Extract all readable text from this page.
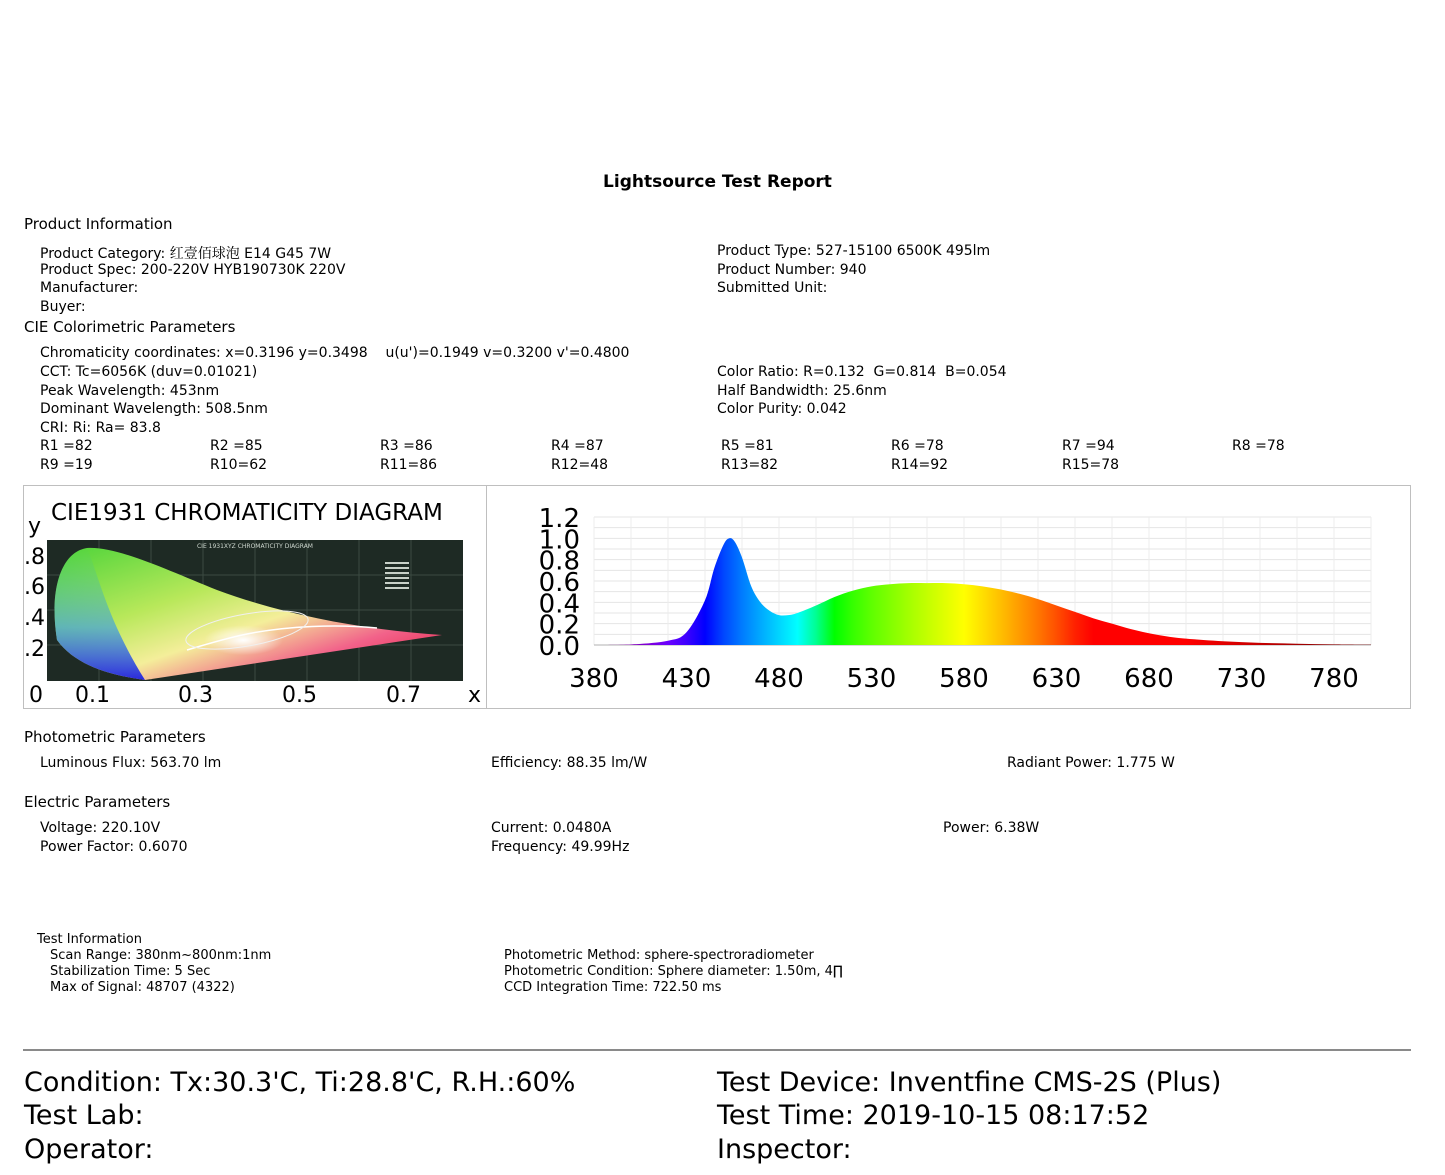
Lightsource Test Report
Product Information
Product Category: 红壹佰球泡 E14 G45 7W
Product Spec: 200-220V HYB190730K 220V
Manufacturer:
Buyer:
Product Type: 527-15100 6500K 495lm
Product Number: 940
Submitted Unit:
CIE Colorimetric Parameters
Chromaticity coordinates: x=0.3196 y=0.3498    u(u')=0.1949 v=0.3200 v'=0.4800
CCT: Tc=6056K (duv=0.01021)
Peak Wavelength: 453nm
Dominant Wavelength: 508.5nm
CRI: Ri: Ra= 83.8
Color Ratio: R=0.132  G=0.814  B=0.054
Half Bandwidth: 25.6nm
Color Purity: 0.042
R1 =82	R2 =85	R3 =86	R4 =87	R5 =81	R6 =78	R7 =94	R8 =78
R9 =19	R10=62	R11=86	R12=48	R13=82	R14=92	R15=78
CIE1931 CHROMATICITY DIAGRAM
y
.8
.6
.4
.2
0 0.1	0.3	0.5	0.7 x
CIE 1931XYZ CHROMATICITY DIAGRAM
0.0
0.2
0.4
0.6
0.8
1.0
1.2
380 430 480 530 580 630 680 730 780
Photometric Parameters
Luminous Flux: 563.70 lm	Efficiency: 88.35 lm/W	Radiant Power: 1.775 W
Electric Parameters
Voltage: 220.10V
Power Factor: 0.6070
Current: 0.0480A
Frequency: 49.99Hz
Power: 6.38W
Test Information
Scan Range: 380nm~800nm:1nm
Stabilization Time: 5 Sec
Max of Signal: 48707 (4322)
Photometric Method: sphere-spectroradiometer
Photometric Condition: Sphere diameter: 1.50m, 4∏
CCD Integration Time: 722.50 ms
Condition: Tx:30.3'C, Ti:28.8'C, R.H.:60%
Test Lab:
Operator:
Test Device: Inventfine CMS-2S (Plus)
Test Time: 2019-10-15 08:17:52
Inspector:
